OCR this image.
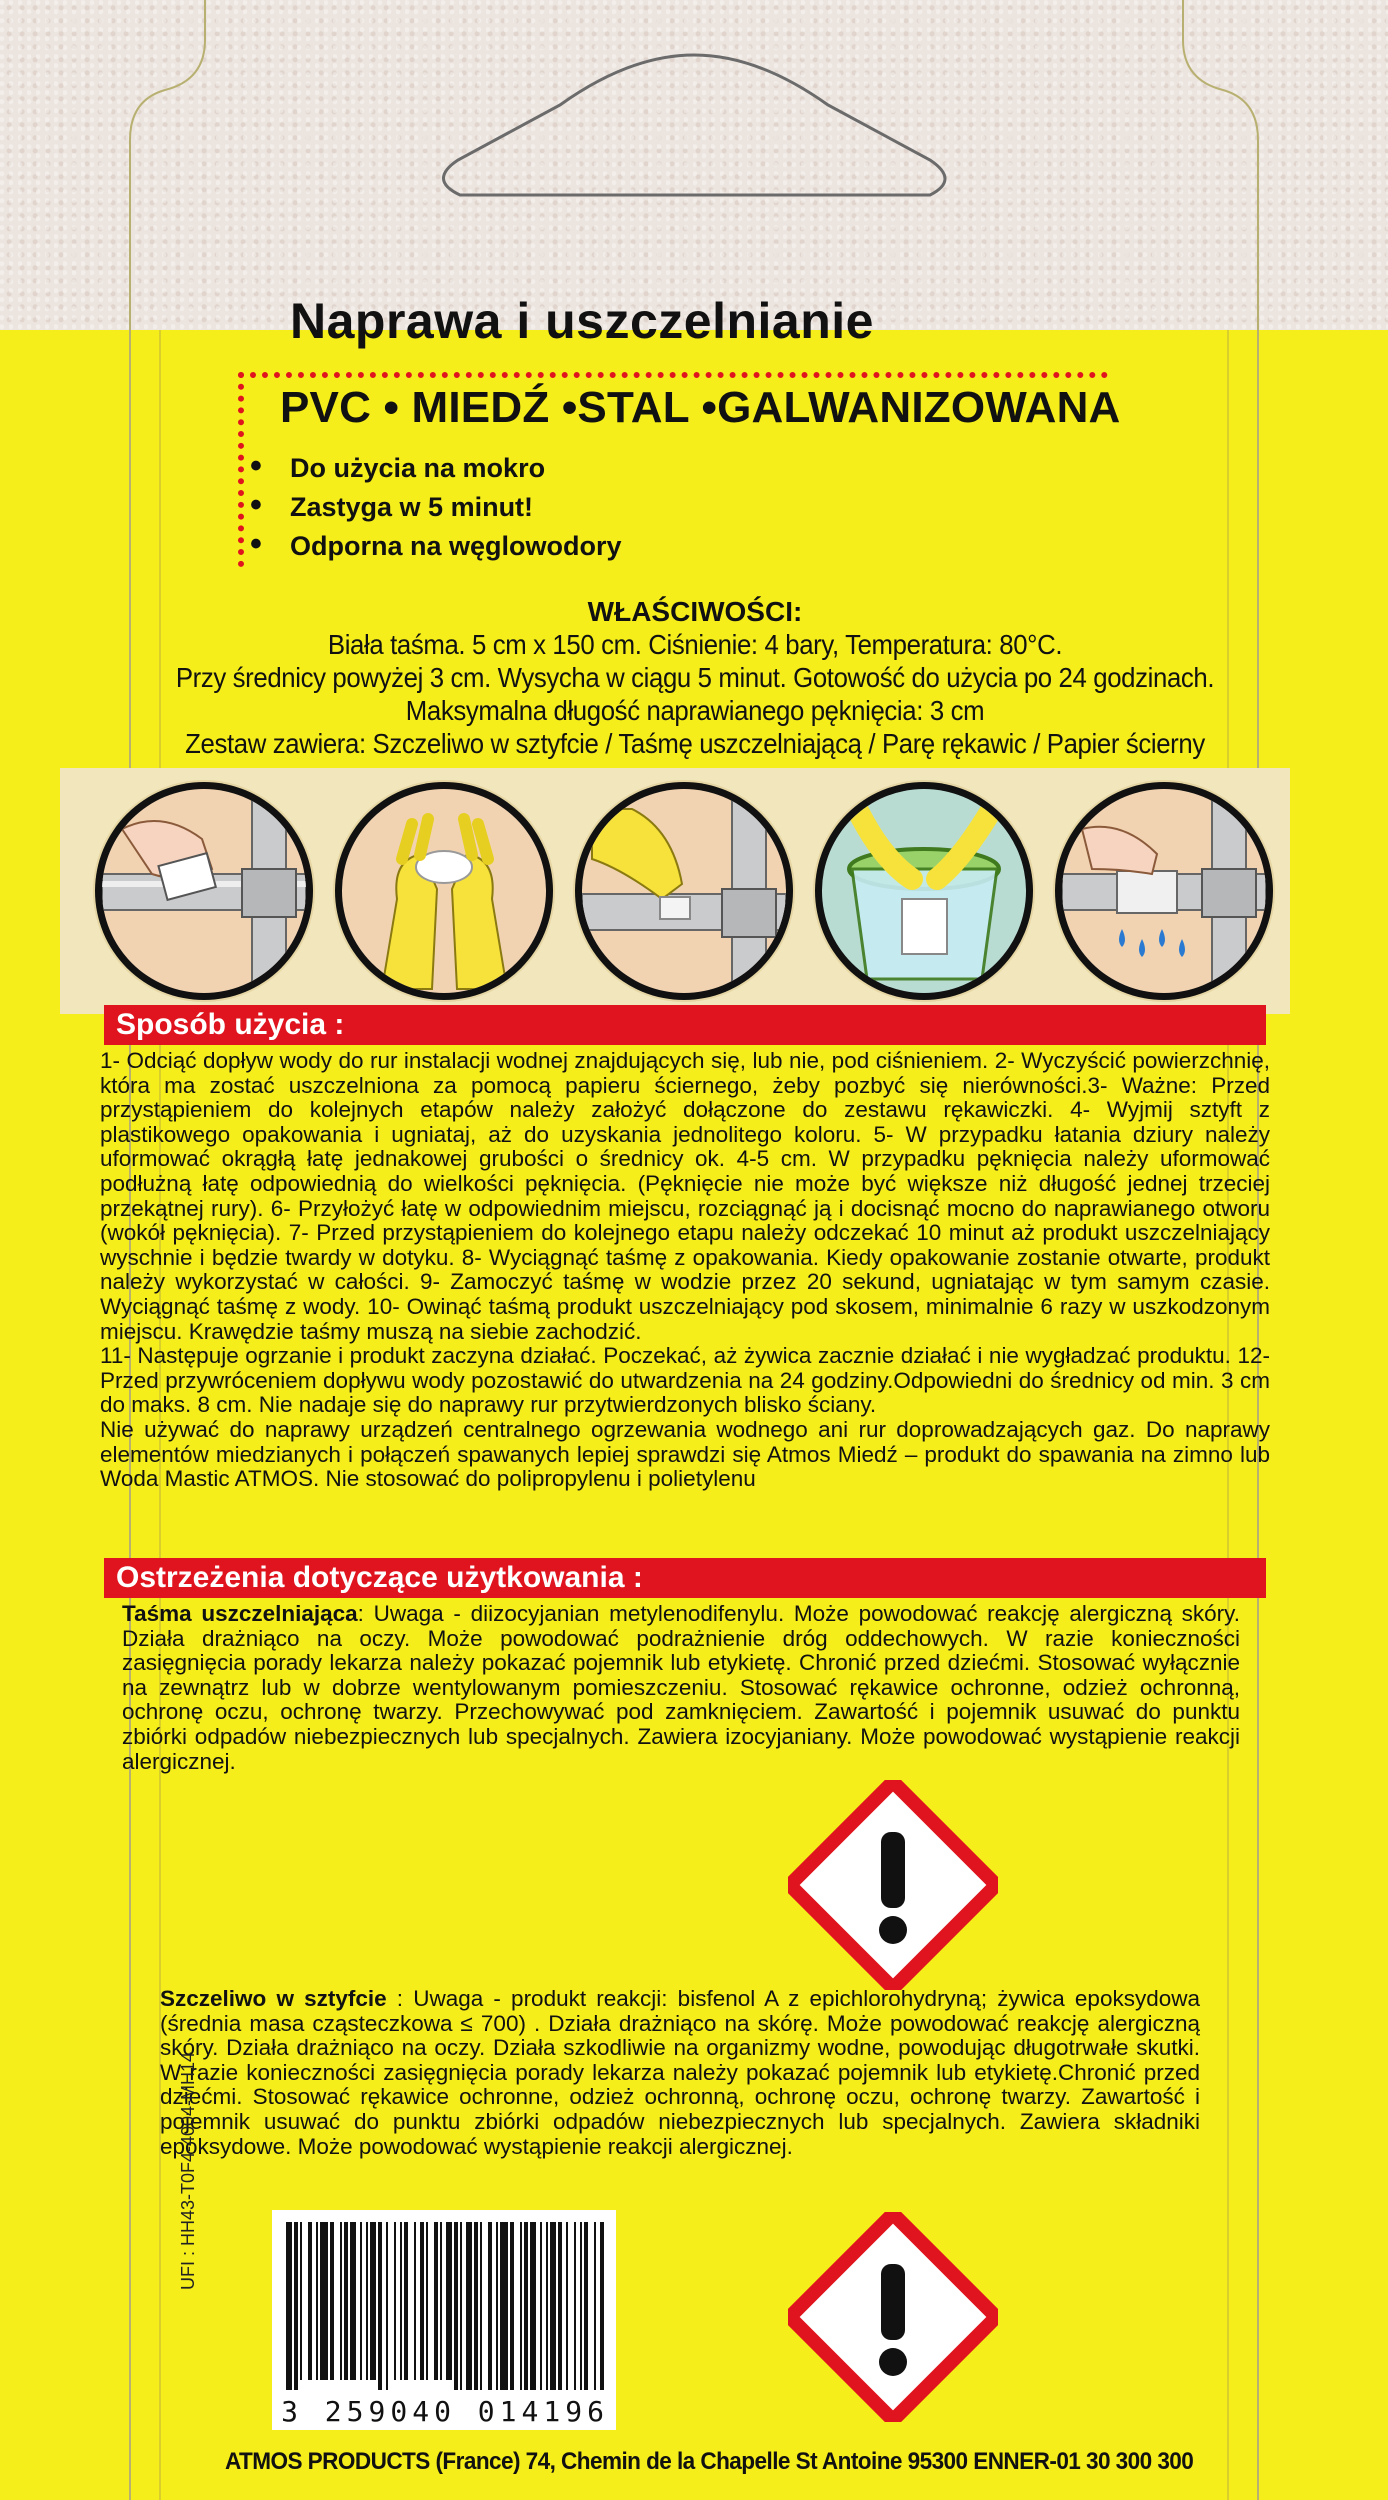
Naprawa i uszczelnianie
PVC • MIEDŹ •STAL •GALWANIZOWANA
• Do użycia na mokro
• Zastyga w 5 minut!
• Odporna na węglowodory
WŁAŚCIWOŚCI:
Biała taśma. 5 cm x 150 cm. Ciśnienie: 4 bary, Temperatura: 80°C.
Przy średnicy powyżej 3 cm. Wysycha w ciągu 5 minut. Gotowość do użycia po 24 godzinach.
Maksymalna długość naprawianego pęknięcia: 3 cm
Zestaw zawiera: Szczeliwo w sztyfcie / Taśmę uszczelniającą / Parę rękawic / Papier ścierny
Sposób użycia :

1- Odciąć dopływ wody do rur instalacji wodnej znajdujących się, lub nie, pod ciśnieniem. 2- Wyczyścić powierzchnię, która ma zostać uszczelniona za pomocą papieru ściernego, żeby pozbyć się nierówności.3- Ważne: Przed przystąpieniem do kolejnych etapów należy założyć dołączone do zestawu rękawiczki. 4- Wyjmij sztyft z plastikowego opakowania i ugniataj, aż do uzyskania jednolitego koloru. 5- W przypadku łatania dziury należy uformować okrągłą łatę jednakowej grubości o średnicy ok. 4-5 cm. W przypadku pęknięcia należy uformować podłużną łatę odpowiednią do wielkości pęknięcia. (Pęknięcie nie może być większe niż długość jednej trzeciej przekątnej rury). 6- Przyłożyć łatę w odpowiednim miejscu, rozciągnąć ją i docisnąć mocno do naprawianego otworu (wokół pęknięcia). 7- Przed przystąpieniem do kolejnego etapu należy odczekać 10 minut aż produkt uszczelniający wyschnie i będzie twardy w dotyku. 8- Wyciągnąć taśmę z opakowania. Kiedy opakowanie zostanie otwarte, produkt należy wykorzystać w całości. 9- Zamoczyć taśmę w wodzie przez 20 sekund, ugniatając w tym samym czasie. Wyciągnąć taśmę z wody. 10- Owinąć taśmą produkt uszczelniający pod skosem, minimalnie 6 razy w uszkodzonym miejscu. Krawędzie taśmy muszą na siebie zachodzić.

11- Następuje ogrzanie i produkt zaczyna działać. Poczekać, aż żywica zacznie działać i nie wygładzać produktu. 12- Przed przywróceniem dopływu wody pozostawić do utwardzenia na 24 godziny.Odpowiedni do średnicy od min. 3 cm do maks. 8 cm. Nie nadaje się do naprawy rur przytwierdzonych blisko ściany.

Nie używać do naprawy urządzeń centralnego ogrzewania wodnego ani rur doprowadzających gaz. Do naprawy elementów miedzianych i połączeń spawanych lepiej sprawdzi się Atmos Miedź – produkt do spawania na zimno lub Woda Mastic ATMOS. Nie stosować do polipropylenu i polietylenu

Ostrzeżenia dotyczące użytkowania :
Taśma uszczelniająca: Uwaga - diizocyjanian metylenodifenylu. Może powodować reakcję alergiczną skóry. Działa drażniąco na oczy. Może powodować podrażnienie dróg oddechowych. W razie konieczności zasięgnięcia porady lekarza należy pokazać pojemnik lub etykietę. Chronić przed dziećmi. Stosować wyłącznie na zewnątrz lub w dobrze wentylowanym pomieszczeniu. Stosować rękawice ochronne, odzież ochronną, ochronę oczu, ochronę twarzy. Przechowywać pod zamknięciem. Zawartość i pojemnik usuwać do punktu zbiórki odpadów niebezpiecznych lub specjalnych. Zawiera izocyjaniany. Może powodować wystąpienie reakcji alergicznej.
Szczeliwo w sztyfcie : Uwaga - produkt reakcji: bisfenol A z epichlorohydryną; żywica epoksydowa (średnia masa cząsteczkowa ≤ 700) . Działa drażniąco na skórę. Może powodować reakcję alergiczną skóry. Działa drażniąco na oczy. Działa szkodliwie na organizmy wodne, powodując długotrwałe skutki. W razie konieczności zasięgnięcia porady lekarza należy pokazać pojemnik lub etykietę.Chronić przed dziećmi. Stosować rękawice ochronne, odzież ochronną, ochronę oczu, ochronę twarzy. Zawartość i pojemnik usuwać do punktu zbiórki odpadów niebezpiecznych lub specjalnych. Zawiera składniki epoksydowe. Może powodować wystąpienie reakcji alergicznej.
UFI : HH43-T0F4-4004-MH14
3 259040 014196
ATMOS PRODUCTS (France) 74, Chemin de la Chapelle St Antoine 95300 ENNER-01 30 300 300
